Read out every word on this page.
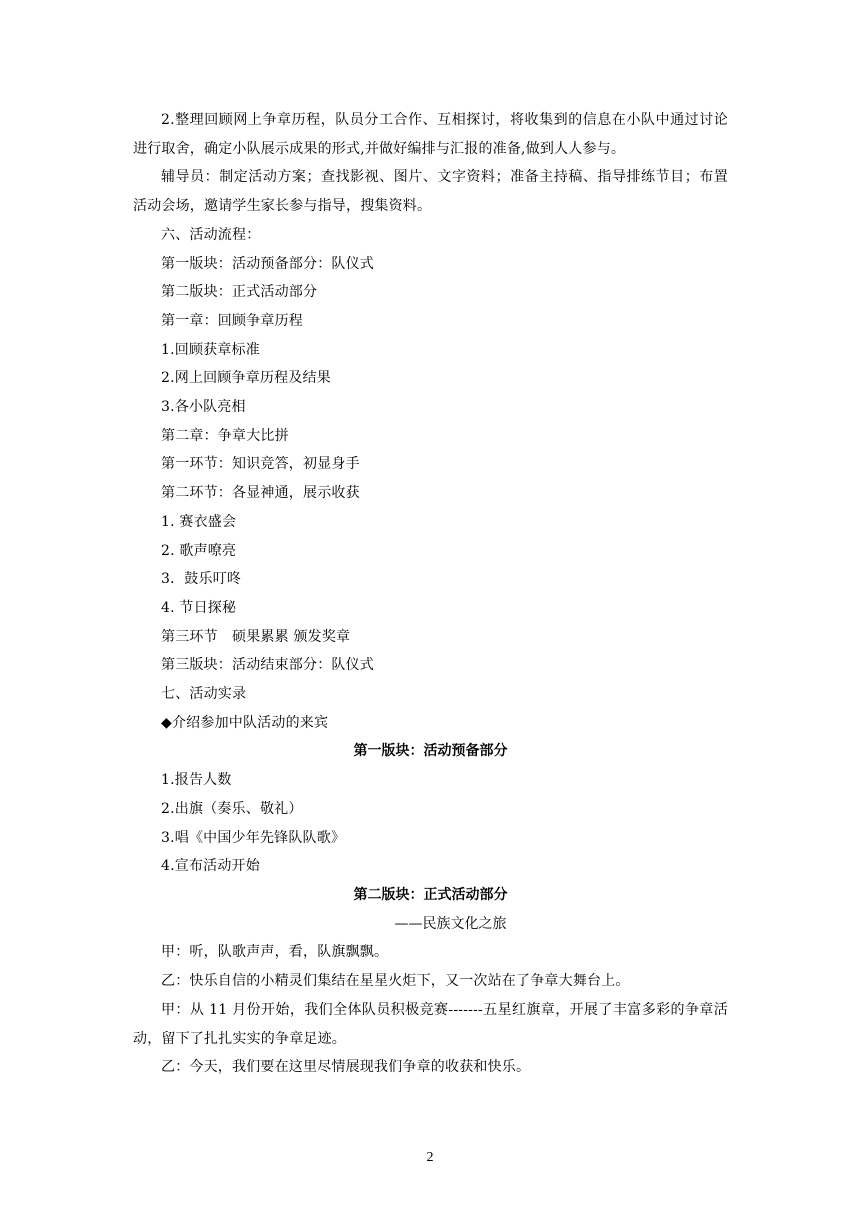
2.整理回顾网上争章历程，队员分工合作、互相探讨，将收集到的信息在小队中通过讨论进行取舍，确定小队展示成果的形式,并做好编排与汇报的准备,做到人人参与。

辅导员：制定活动方案；查找影视、图片、文字资料；准备主持稿、指导排练节目；布置活动会场，邀请学生家长参与指导，搜集资料。

六、活动流程：

第一版块：活动预备部分：队仪式

第二版块：正式活动部分

第一章：回顾争章历程

1.回顾获章标准

2.网上回顾争章历程及结果

3.各小队亮相

第二章：争章大比拼

第一环节：知识竞答，初显身手

第二环节：各显神通，展示收获

1. 赛衣盛会

2. 歌声嘹亮

3．鼓乐叮咚

4. 节日探秘

第三环节　硕果累累 颁发奖章

第三版块：活动结束部分：队仪式

七、活动实录

◆介绍参加中队活动的来宾

第一版块：活动预备部分

1.报告人数

2.出旗（奏乐、敬礼）

3.唱《中国少年先锋队队歌》

4.宣布活动开始

第二版块：正式活动部分

——民族文化之旅

甲：听，队歌声声，看，队旗飘飘。

乙：快乐自信的小精灵们集结在星星火炬下，又一次站在了争章大舞台上。

甲：从 11 月份开始，我们全体队员积极竞赛-------五星红旗章，开展了丰富多彩的争章活动，留下了扎扎实实的争章足迹。

乙：今天，我们要在这里尽情展现我们争章的收获和快乐。

2
